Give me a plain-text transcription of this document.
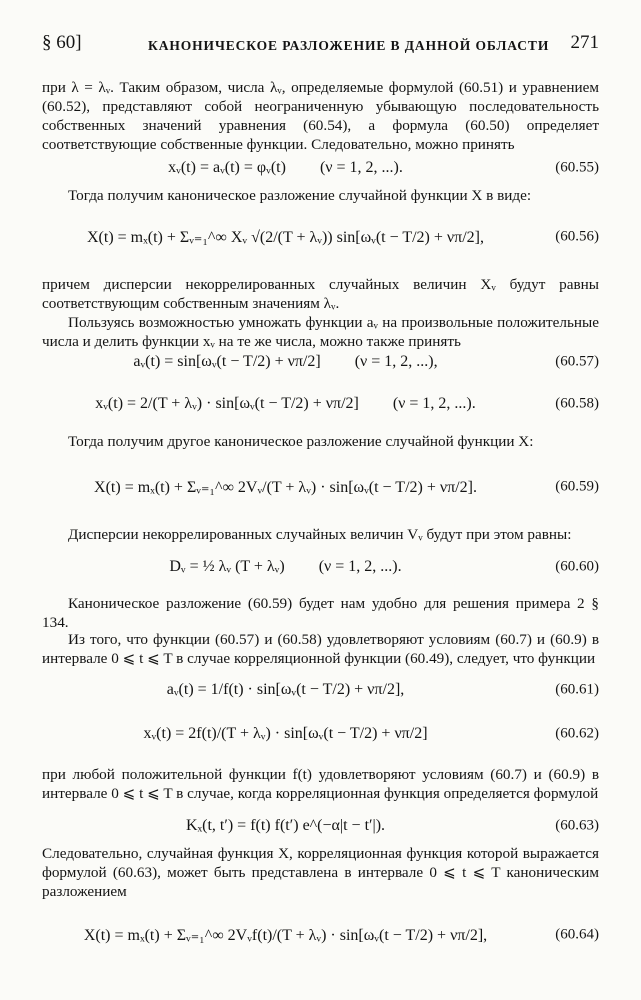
§ 60]	КАНОНИЧЕСКОЕ РАЗЛОЖЕНИЕ В ДАННОЙ ОБЛАСТИ 271

при λ = λᵥ. Таким образом, числа λᵥ, определяемые формулой (60.51) и уравнением (60.52), представляют собой неограниченную убывающую последовательность собственных значений уравнения (60.54), а формула (60.50) определяет соответствующие собственные функции. Следовательно, можно принять

xᵥ(t) = aᵥ(t) = φᵥ(t) (ν = 1, 2, ...).	(60.55)

Тогда получим каноническое разложение случайной функции X в виде:

X(t) = mₓ(t) + Σᵥ₌₁^∞ Xᵥ √(2/(T + λᵥ)) sin[ωᵥ(t − T/2) + νπ/2],	(60.56)

причем дисперсии некоррелированных случайных величин Xᵥ будут равны соответствующим собственным значениям λᵥ.

Пользуясь возможностью умножать функции aᵥ на произвольные положительные числа и делить функции xᵥ на те же числа, можно также принять

aᵥ(t) = sin[ωᵥ(t − T/2) + νπ/2] (ν = 1, 2, ...),	(60.57)
xᵥ(t) = 2/(T + λᵥ) · sin[ωᵥ(t − T/2) + νπ/2] (ν = 1, 2, ...).	(60.58)

Тогда получим другое каноническое разложение случайной функции X:

X(t) = mₓ(t) + Σᵥ₌₁^∞ 2Vᵥ/(T + λᵥ) · sin[ωᵥ(t − T/2) + νπ/2].	(60.59)

Дисперсии некоррелированных случайных величин Vᵥ будут при этом равны:

Dᵥ = ½ λᵥ (T + λᵥ) (ν = 1, 2, ...).	(60.60)

Каноническое разложение (60.59) будет нам удобно для решения примера 2 § 134.

Из того, что функции (60.57) и (60.58) удовлетворяют условиям (60.7) и (60.9) в интервале 0 ⩽ t ⩽ T в случае корреляционной функции (60.49), следует, что функции

aᵥ(t) = 1/f(t) · sin[ωᵥ(t − T/2) + νπ/2],	(60.61)
xᵥ(t) = 2f(t)/(T + λᵥ) · sin[ωᵥ(t − T/2) + νπ/2]	(60.62)

при любой положительной функции f(t) удовлетворяют условиям (60.7) и (60.9) в интервале 0 ⩽ t ⩽ T в случае, когда корреляционная функция определяется формулой

Kₓ(t, t′) = f(t) f(t′) e^(−α|t − t′|).	(60.63)

Следовательно, случайная функция X, корреляционная функция которой выражается формулой (60.63), может быть представлена в интервале 0 ⩽ t ⩽ T каноническим разложением

X(t) = mₓ(t) + Σᵥ₌₁^∞ 2Vᵥf(t)/(T + λᵥ) · sin[ωᵥ(t − T/2) + νπ/2],	(60.64)
